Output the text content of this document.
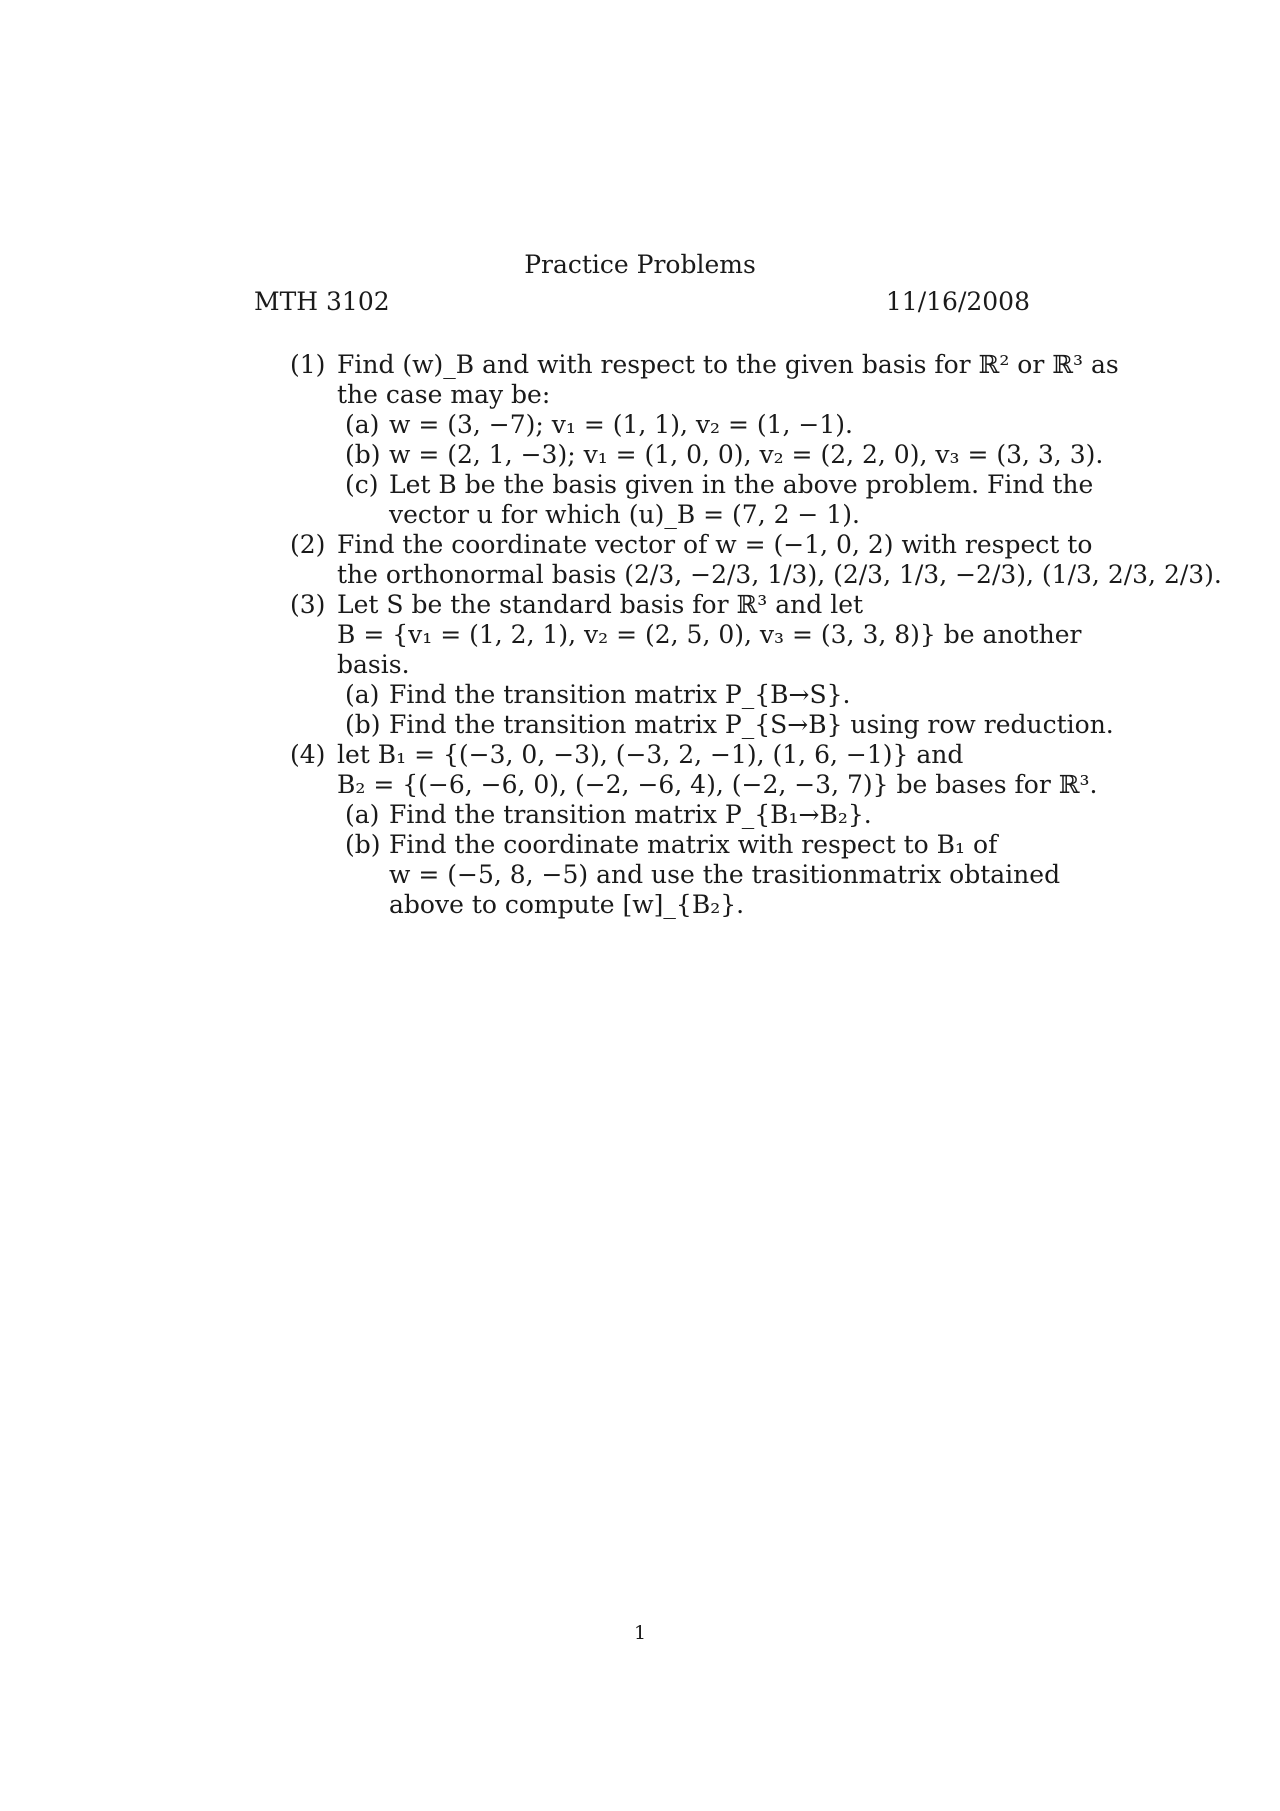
Practice Problems
MTH 3102	11/16/2008
(1) Find (w)_B and with respect to the given basis for ℝ² or ℝ³ as
the case may be:
(a) w = (3, −7); v₁ = (1, 1), v₂ = (1, −1).
(b) w = (2, 1, −3); v₁ = (1, 0, 0), v₂ = (2, 2, 0), v₃ = (3, 3, 3).
(c) Let B be the basis given in the above problem. Find the
vector u for which (u)_B = (7, 2 − 1).
(2) Find the coordinate vector of w = (−1, 0, 2) with respect to
the orthonormal basis (2/3, −2/3, 1/3), (2/3, 1/3, −2/3), (1/3, 2/3, 2/3).
(3) Let S be the standard basis for ℝ³ and let
B = {v₁ = (1, 2, 1), v₂ = (2, 5, 0), v₃ = (3, 3, 8)} be another
basis.
(a) Find the transition matrix P_{B→S}.
(b) Find the transition matrix P_{S→B} using row reduction.
(4) let B₁ = {(−3, 0, −3), (−3, 2, −1), (1, 6, −1)} and
B₂ = {(−6, −6, 0), (−2, −6, 4), (−2, −3, 7)} be bases for ℝ³.
(a) Find the transition matrix P_{B₁→B₂}.
(b) Find the coordinate matrix with respect to B₁ of
w = (−5, 8, −5) and use the trasitionmatrix obtained
above to compute [w]_{B₂}.
1
